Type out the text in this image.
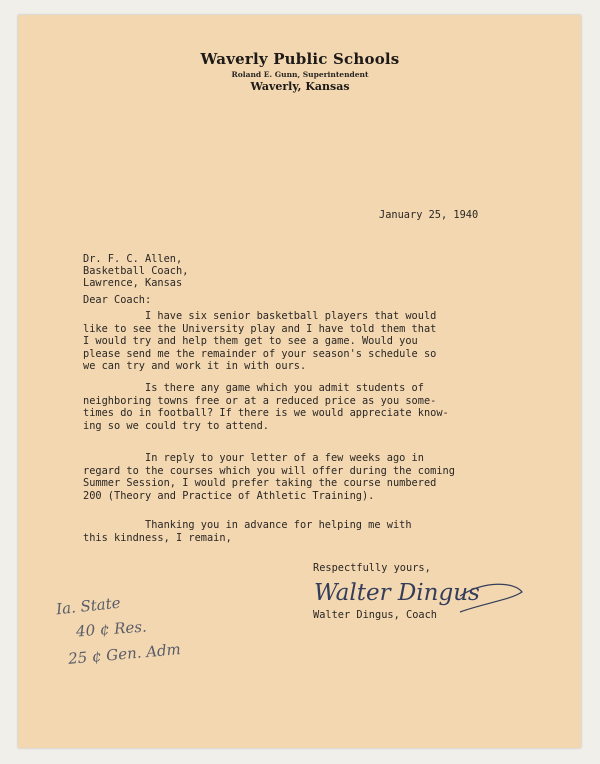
Waverly Public Schools
Roland E. Gunn, Superintendent
Waverly, Kansas

January 25, 1940

Dr. F. C. Allen,

Basketball Coach,

Lawrence, Kansas

Dear Coach:

I have six senior basketball players that would
like to see the University play and I have told them that
I would try and help them get to see a game. Would you
please send me the remainder of your season's schedule so
we can try and work it in with ours.

Is there any game which you admit students of
neighboring towns free or at a reduced price as you some-
times do in football? If there is we would appreciate know-
ing so we could try to attend.

In reply to your letter of a few weeks ago in
regard to the courses which you will offer during the coming
Summer Session, I would prefer taking the course numbered
200 (Theory and Practice of Athletic Training).

Thanking you in advance for helping me with
this kindness, I remain,

Respectfully yours,

Walter Dingus

Walter Dingus, Coach

Ia. State

40 ¢ Res.

25 ¢ Gen. Adm
